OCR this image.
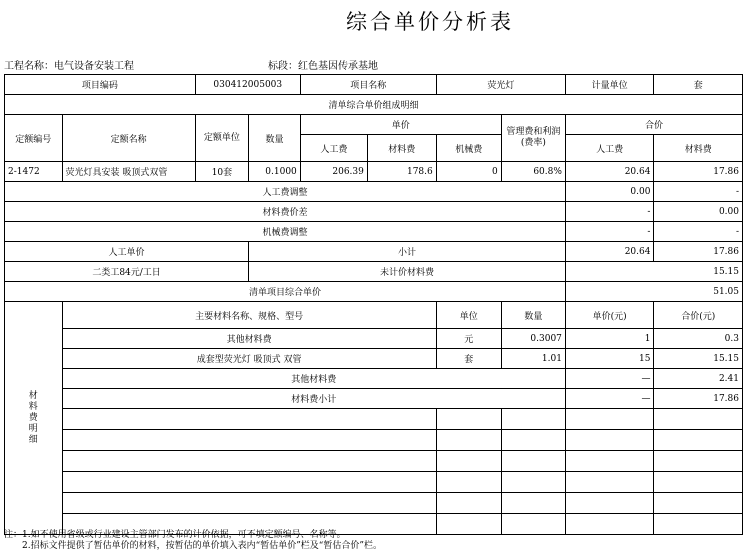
综合单价分析表
工程名称：电气设备安装工程	标段：红色基因传承基地
项目编码		030412005003		项目名称		荧光灯		计量单位	套
清单综合单价组成明细									
定额编号	定额名称	定额单位	数量	单价			管理费和利润(费率)	合价	
				人工费	材料费	机械费		人工费	材料费
2-1472	荧光灯具安装 吸顶式双管	10套	0.1000	206.39	178.6	0	60.8%	20.64	17.86
人工费调整								0.00	-
材料费价差								-	0.00
机械费调整								-	-
人工单价			小计					20.64	17.86
二类工84元/工日			未计价材料费					15.15	
清单项目综合单价								51.05	

材料费明细	主要材料名称、规格、型号					单位	数量	单价(元)	合价(元)
	其他材料费					元	0.3007	1	0.3
	成套型荧光灯 吸顶式 双管					套	1.01	15	15.15
	其他材料费							—	2.41
	材料费小计							—	17.86

注：1.如不使用省级或行业建设主管部门发布的计价依据，可不填定额编号、名称等。
2.招标文件提供了暂估单价的材料，按暂估的单价填入表内“暂估单价”栏及“暂估合价”栏。
